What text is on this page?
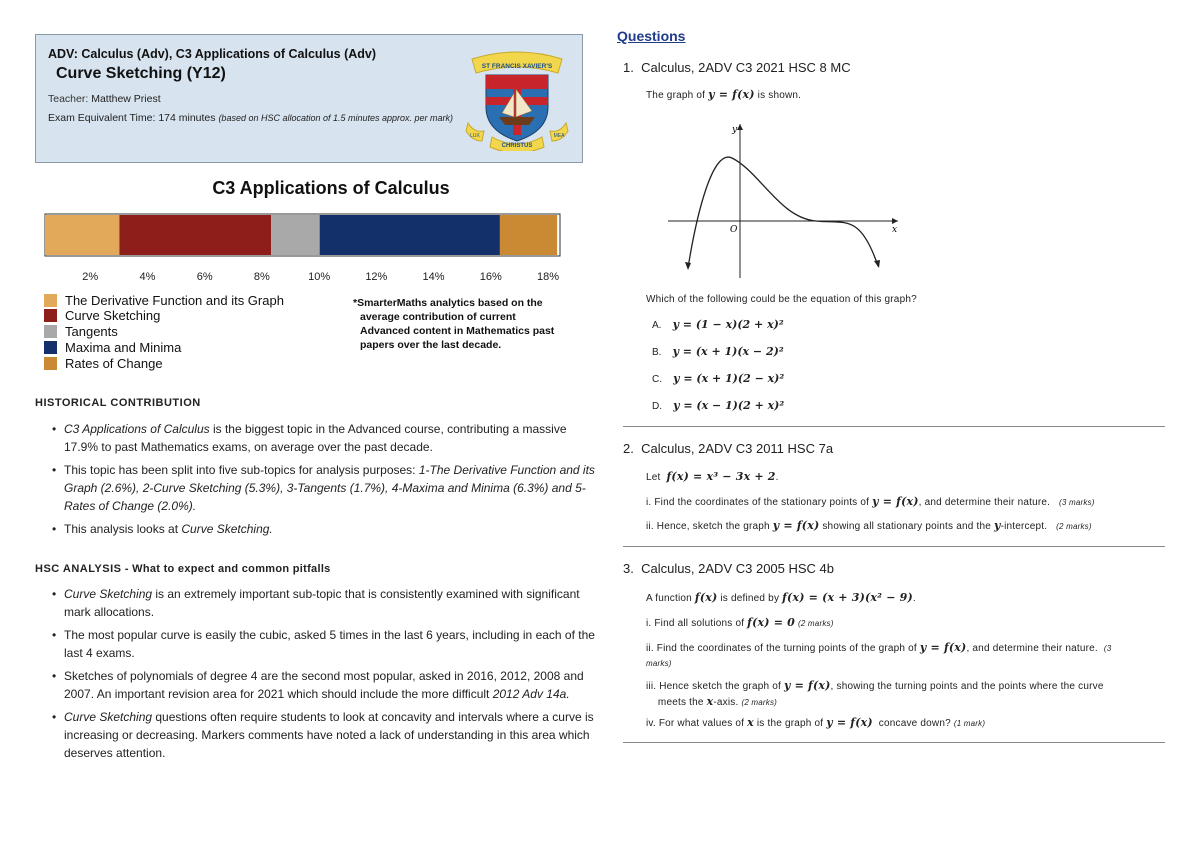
ADV: Calculus (Adv), C3 Applications of Calculus (Adv)
Curve Sketching (Y12)
Teacher: Matthew Priest
Exam Equivalent Time: 174 minutes (based on HSC allocation of 1.5 minutes approx. per mark)
ST FRANCIS XAVIER'S
CHRISTUS
LUX	MEA
C3 Applications of Calculus
2%	4%	6%	8%	10%	12%	14%	16%	18%
The Derivative Function and its Graph
Curve Sketching
Tangents
Maxima and Minima
Rates of Change
*SmarterMaths analytics based on the
average contribution of current
Advanced content in Mathematics past
papers over the last decade.
HISTORICAL CONTRIBUTION
• C3 Applications of Calculus is the biggest topic in the Advanced course, contributing a massive 17.9% to past Mathematics exams, on average over the past decade.
• This topic has been split into five sub-topics for analysis purposes: 1-The Derivative Function and its Graph (2.6%), 2-Curve Sketching (5.3%), 3-Tangents (1.7%), 4-Maxima and Minima (6.3%) and 5-Rates of Change (2.0%).
• This analysis looks at Curve Sketching.
HSC ANALYSIS - What to expect and common pitfalls
• Curve Sketching is an extremely important sub-topic that is consistently examined with significant mark allocations.
• The most popular curve is easily the cubic, asked 5 times in the last 6 years, including in each of the last 4 exams.
• Sketches of polynomials of degree 4 are the second most popular, asked in 2016, 2012, 2008 and 2007. An important revision area for 2021 which should include the more difficult 2012 Adv 14a.
• Curve Sketching questions often require students to look at concavity and intervals where a curve is increasing or decreasing. Markers comments have noted a lack of understanding in this area which deserves attention.
Questions
1. Calculus, 2ADV C3 2021 HSC 8 MC
The graph of y = f(x) is shown.
y
x
O
Which of the following could be the equation of this graph?
A. y = (1 − x)(2 + x)²
B. y = (x + 1)(x − 2)²
C. y = (x + 1)(2 − x)²
D. y = (x − 1)(2 + x)²
2. Calculus, 2ADV C3 2011 HSC 7a
Let f(x) = x³ − 3x + 2.
i. Find the coordinates of the stationary points of y = f(x), and determine their nature. (3 marks)
ii. Hence, sketch the graph y = f(x) showing all stationary points and the y-intercept. (2 marks)
3. Calculus, 2ADV C3 2005 HSC 4b
A function f(x) is defined by f(x) = (x + 3)(x² − 9).
i. Find all solutions of f(x) = 0 (2 marks)
ii. Find the coordinates of the turning points of the graph of y = f(x), and determine their nature. (3
marks)
iii. Hence sketch the graph of y = f(x), showing the turning points and the points where the curve
meets the x-axis. (2 marks)
iv. For what values of x is the graph of y = f(x) concave down? (1 mark)
